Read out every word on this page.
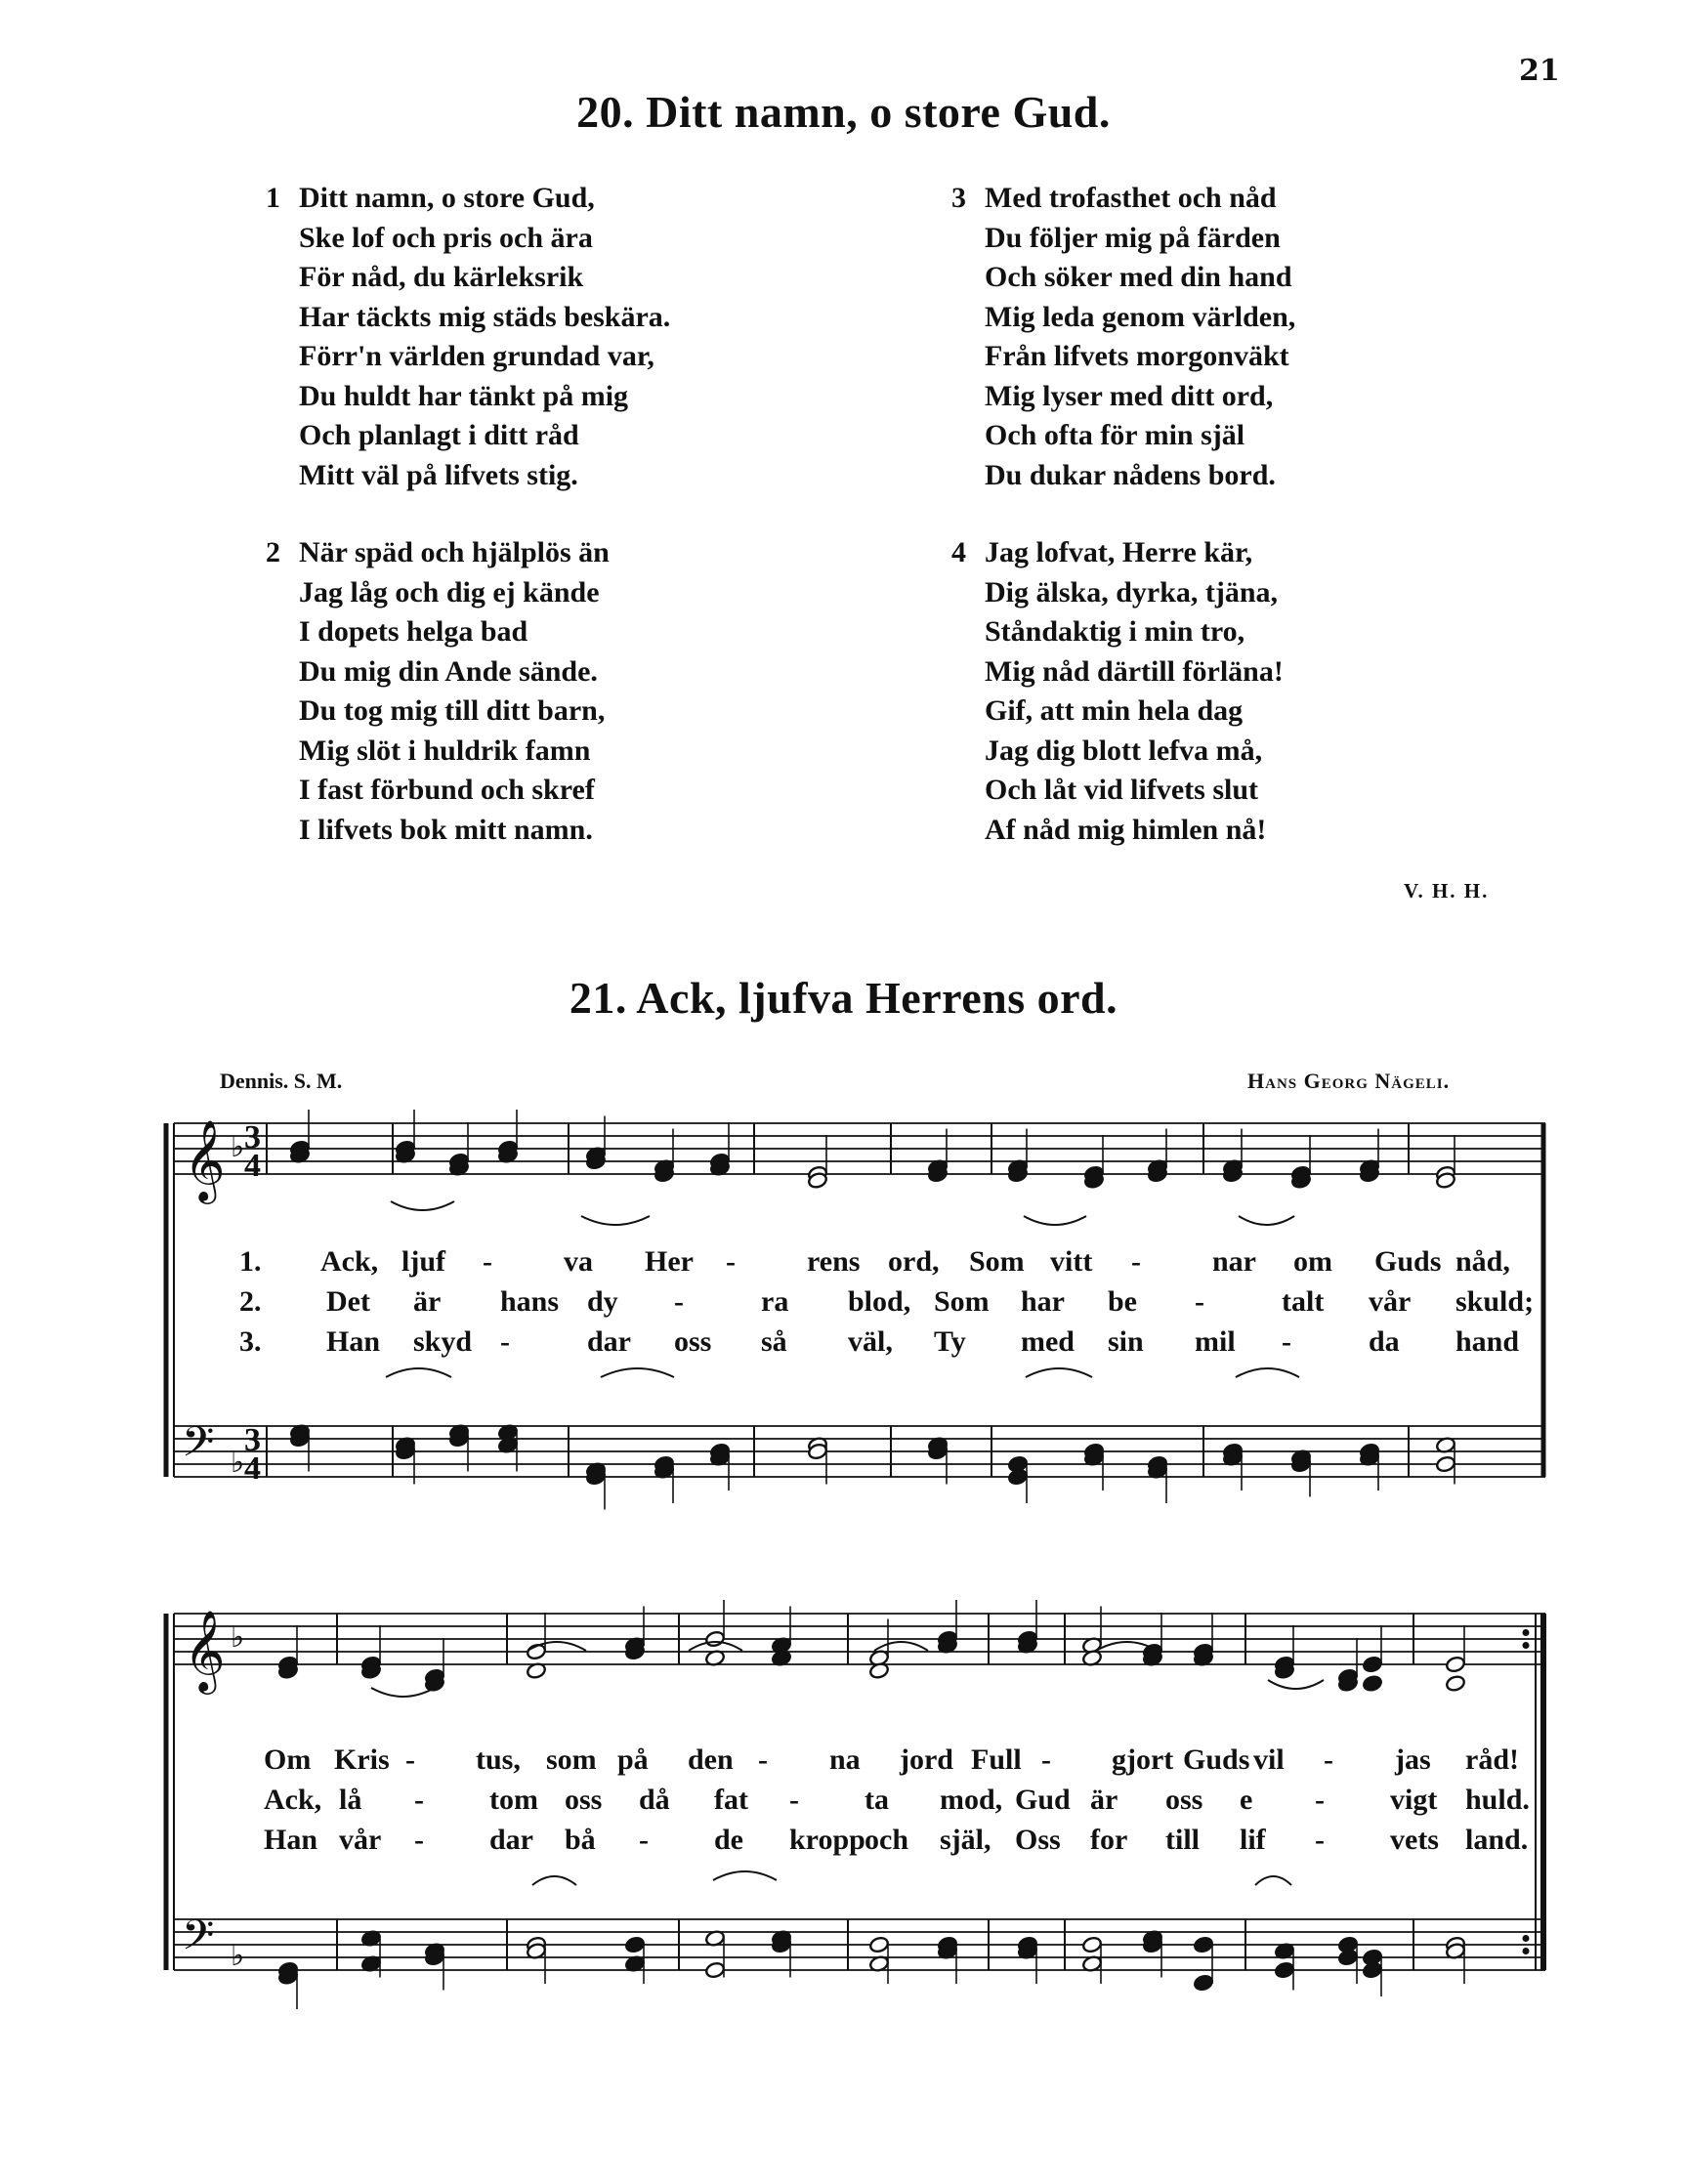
21
20. Ditt namn, o store Gud.
1 Ditt namn, o store Gud,
Ske lof och pris och ära
För nåd, du kärleksrik
Har täckts mig städs beskära.
Förr'n världen grundad var,
Du huldt har tänkt på mig
Och planlagt i ditt råd
Mitt väl på lifvets stig.
2 När späd och hjälplös än
Jag låg och dig ej kände
I dopets helga bad
Du mig din Ande sände.
Du tog mig till ditt barn,
Mig slöt i huldrik famn
I fast förbund och skref
I lifvets bok mitt namn.
3 Med trofasthet och nåd
Du följer mig på färden
Och söker med din hand
Mig leda genom världen,
Från lifvets morgonväkt
Mig lyser med ditt ord,
Och ofta för min själ
Du dukar nådens bord.
4 Jag lofvat, Herre kär,
Dig älska, dyrka, tjäna,
Ståndaktig i min tro,
Mig nåd därtill förläna!
Gif, att min hela dag
Jag dig blott lefva må,
Och låt vid lifvets slut
Af nåd mig himlen nå!
V. H. H.
21. Ack, ljufva Herrens ord.
Dennis. S. M.	Hans Georg Nägeli.
𝄞
𝄢
♭
♭
3
4
3
4
𝄞
𝄢
♭
♭
1. Ack, ljuf - va Her - rens ord, Som vitt - nar om Guds nåd,
2. Det är hans dy -	ra blod, Som har be -	talt vår skuld;
3. Han skyd -	dar oss så väl, Ty med sin mil -	da hand
Om Kris - tus, som på den - na jord Full - gjort Guds vil - jas råd!
Ack, lå - tom oss då fat - ta mod, Gud är oss e - vigt huld.
Han vår - dar bå - de kropp och själ, Oss for till lif - vets land.
